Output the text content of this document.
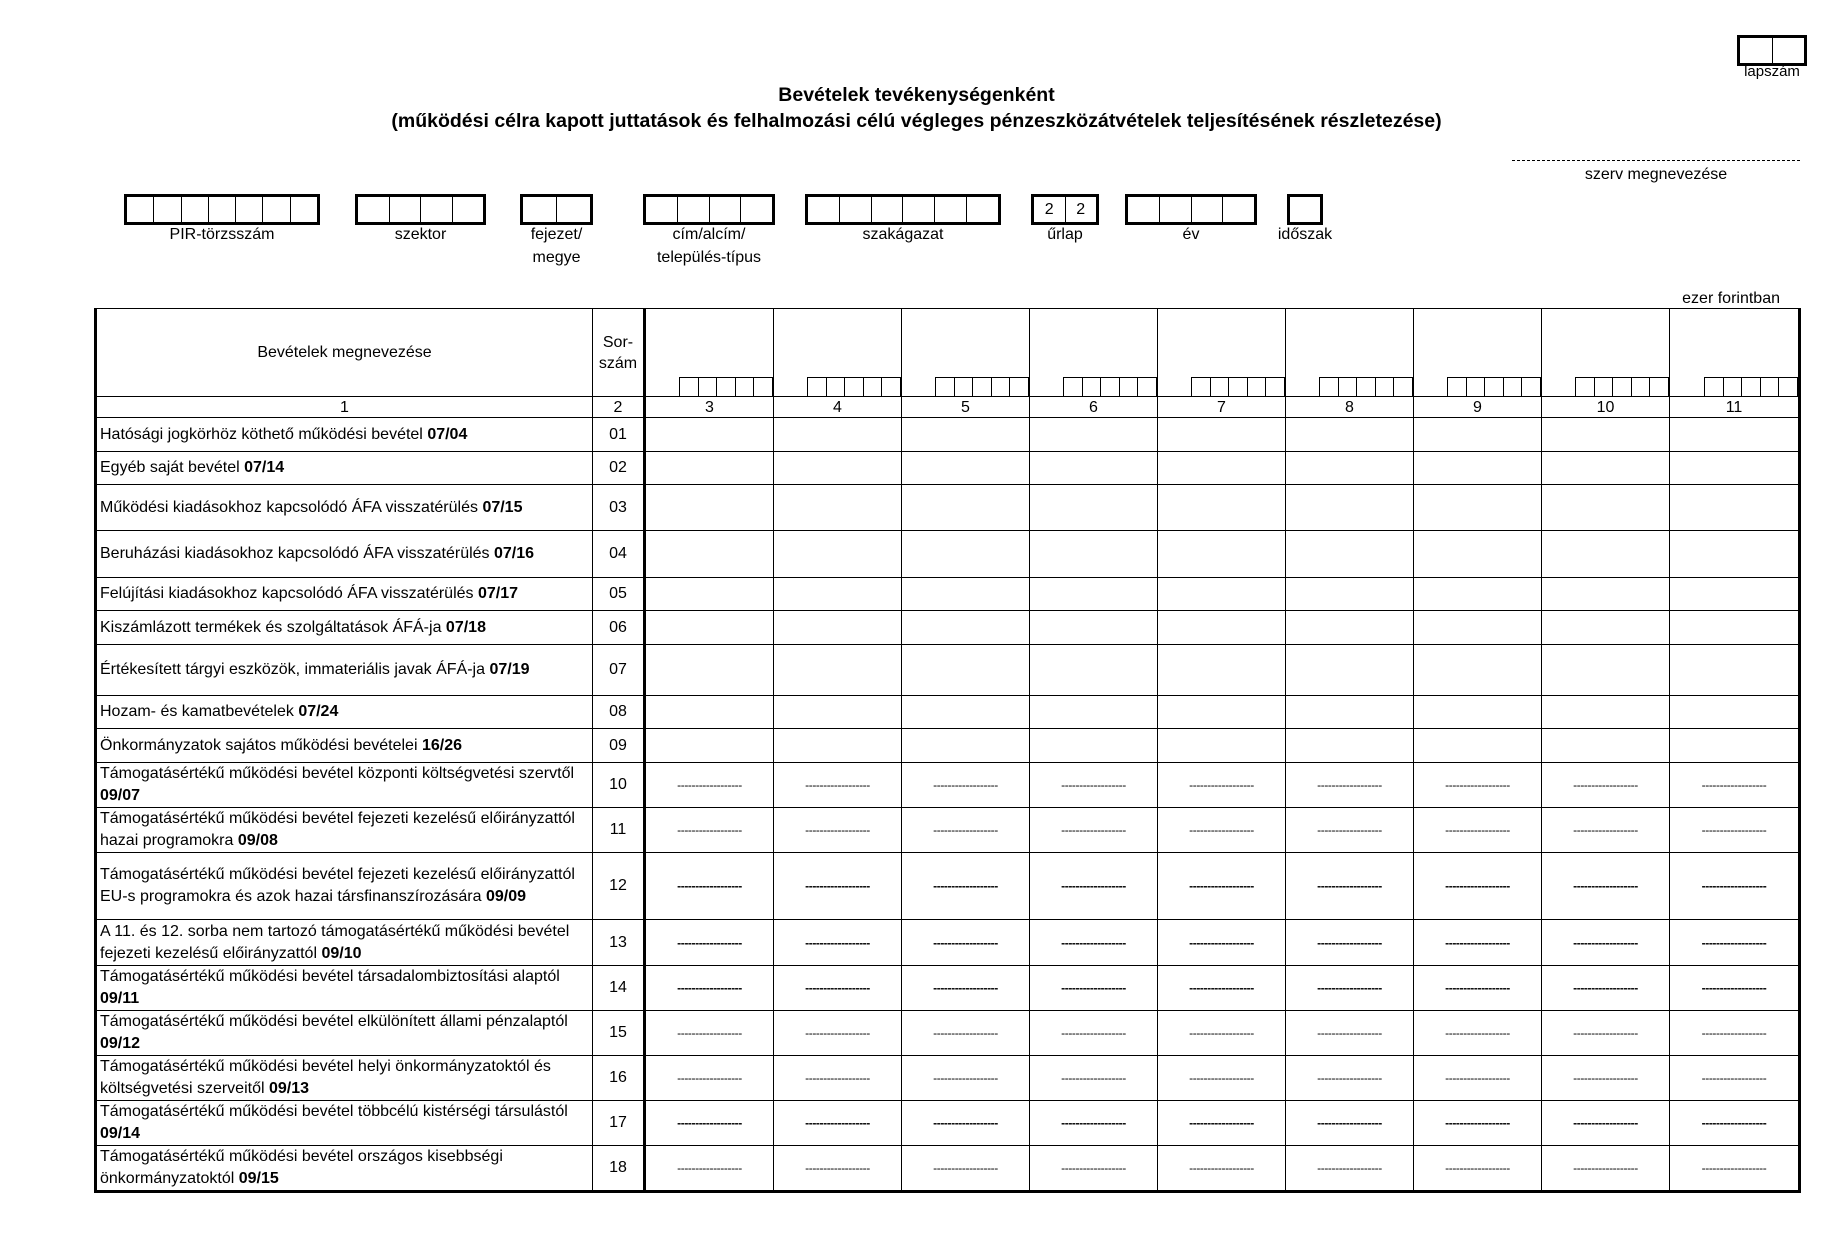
lapszám
Bevételek tevékenységenként
(működési célra kapott juttatások és felhalmozási célú végleges pénzeszközátvételek teljesítésének részletezése)
szerv megnevezése
PIR-törzsszám	szektor	fejezet/
megye
cím/alcím/
település-típus
szakágazat
2	2
űrlap	év	időszak
ezer forintban
Bevételek megnevezése	Sor-
szám									

1	2	3	4	5	6	7	8	9	10	11
Hatósági jogkörhöz köthető működési bevétel 07/04	01									
Egyéb saját bevétel 07/14	02									
Működési kiadásokhoz kapcsolódó ÁFA visszatérülés 07/15	03									
Beruházási kiadásokhoz kapcsolódó ÁFA visszatérülés 07/16	04									
Felújítási kiadásokhoz kapcsolódó ÁFA visszatérülés 07/17	05									
Kiszámlázott termékek és szolgáltatások ÁFÁ-ja 07/18	06									
Értékesített tárgyi eszközök, immateriális javak ÁFÁ-ja 07/19	07									
Hozam- és kamatbevételek 07/24	08									
Önkormányzatok sajátos működési bevételei 16/26	09									
Támogatásértékű működési bevétel központi költségvetési szervtől 09/07	10	------------------	------------------	------------------	------------------	------------------	------------------	------------------	------------------	------------------
Támogatásértékű működési bevétel fejezeti kezelésű előirányzattól hazai programokra 09/08	11	------------------	------------------	------------------	------------------	------------------	------------------	------------------	------------------	------------------
Támogatásértékű működési bevétel fejezeti kezelésű előirányzattól EU-s programokra és azok hazai társfinanszírozására 09/09	12	------------------	------------------	------------------	------------------	------------------	------------------	------------------	------------------	------------------
A 11. és 12. sorba nem tartozó támogatásértékű működési bevétel fejezeti kezelésű előirányzattól 09/10	13	------------------	------------------	------------------	------------------	------------------	------------------	------------------	------------------	------------------
Támogatásértékű működési bevétel társadalombiztosítási alaptól 09/11	14	------------------	------------------	------------------	------------------	------------------	------------------	------------------	------------------	------------------
Támogatásértékű működési bevétel elkülönített állami pénzalaptól 09/12	15	------------------	------------------	------------------	------------------	------------------	------------------	------------------	------------------	------------------
Támogatásértékű működési bevétel helyi önkormányzatoktól és költségvetési szerveitől 09/13	16	------------------	------------------	------------------	------------------	------------------	------------------	------------------	------------------	------------------
Támogatásértékű működési bevétel többcélú kistérségi társulástól 09/14	17	------------------	------------------	------------------	------------------	------------------	------------------	------------------	------------------	------------------
Támogatásértékű működési bevétel országos kisebbségi önkormányzatoktól 09/15	18	------------------	------------------	------------------	------------------	------------------	------------------	------------------	------------------	------------------
